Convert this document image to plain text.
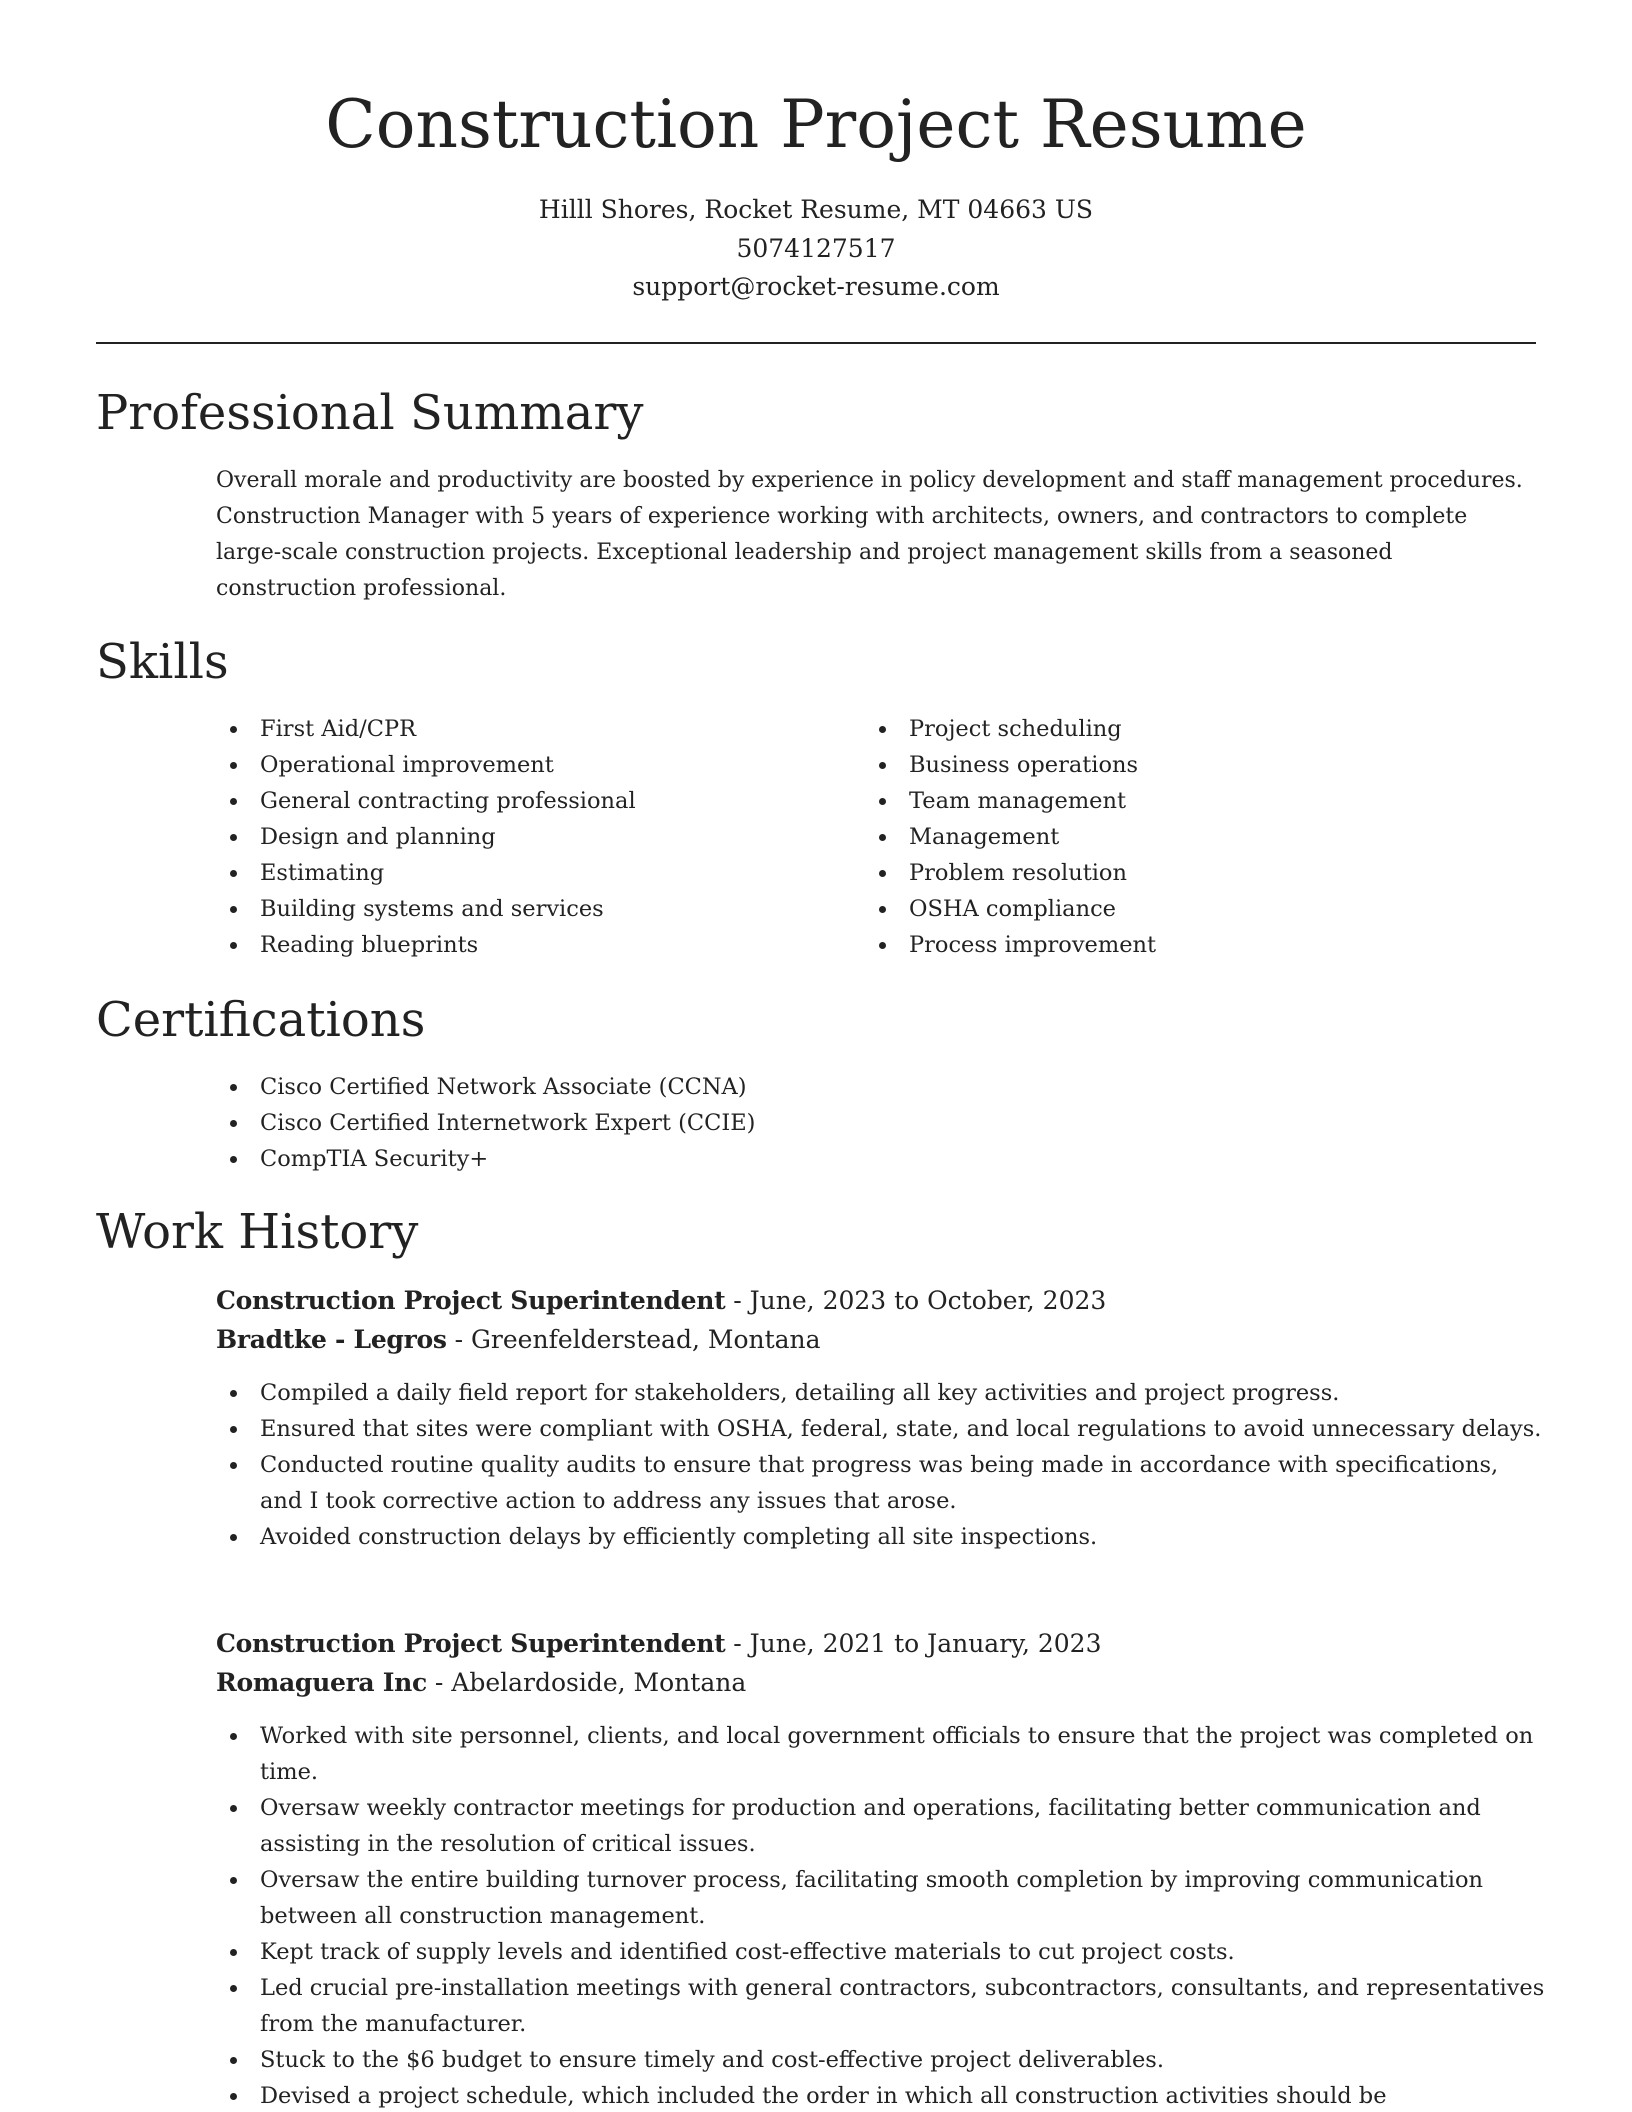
Construction Project Resume
Hilll Shores, Rocket Resume, MT 04663 US
5074127517
support@rocket-resume.com
Professional Summary

Overall morale and productivity are boosted by experience in policy development and staff management procedures. Construction Manager with 5 years of experience working with architects, owners, and contractors to complete large-scale construction projects. Exceptional leadership and project management skills from a seasoned construction professional.

Skills
First Aid/CPR
Operational improvement
General contracting professional
Design and planning
Estimating
Building systems and services
Reading blueprints
Project scheduling
Business operations
Team management
Management
Problem resolution
OSHA compliance
Process improvement
Certifications
Cisco Certified Network Associate (CCNA)
Cisco Certified Internetwork Expert (CCIE)
CompTIA Security+
Work History
Construction Project Superintendent - June, 2023 to October, 2023
Bradtke - Legros - Greenfelderstead, Montana
Compiled a daily field report for stakeholders, detailing all key activities and project progress.
Ensured that sites were compliant with OSHA, federal, state, and local regulations to avoid unnecessary delays.
Conducted routine quality audits to ensure that progress was being made in accordance with specifications, and I took corrective action to address any issues that arose.
Avoided construction delays by efficiently completing all site inspections.
Construction Project Superintendent - June, 2021 to January, 2023
Romaguera Inc - Abelardoside, Montana
Worked with site personnel, clients, and local government officials to ensure that the project was completed on time.
Oversaw weekly contractor meetings for production and operations, facilitating better communication and assisting in the resolution of critical issues.
Oversaw the entire building turnover process, facilitating smooth completion by improving communication between all construction management.
Kept track of supply levels and identified cost-effective materials to cut project costs.
Led crucial pre-installation meetings with general contractors, subcontractors, consultants, and representatives from the manufacturer.
Stuck to the $6 budget to ensure timely and cost-effective project deliverables.
Devised a project schedule, which included the order in which all construction activities should be
